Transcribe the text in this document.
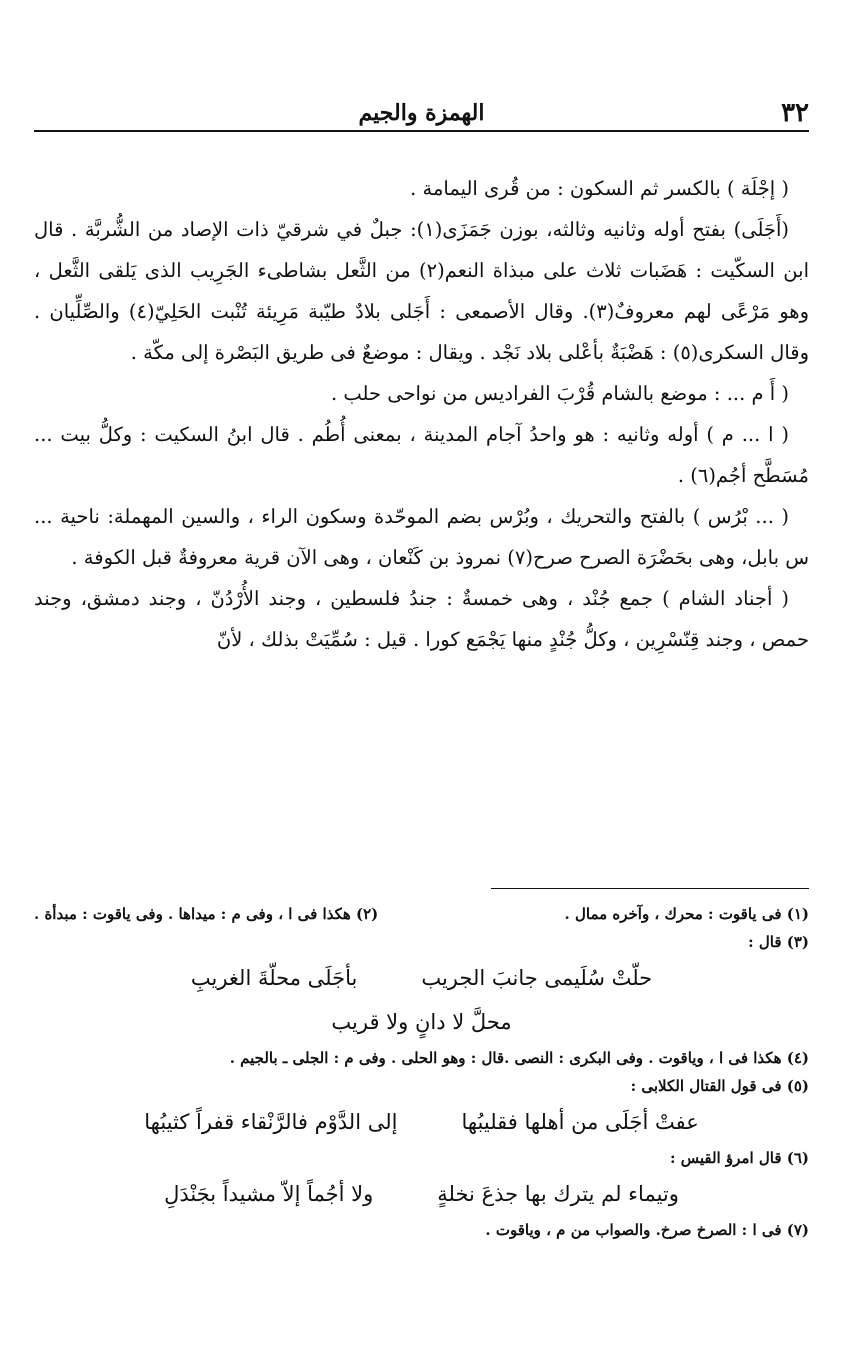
٣٢
الهمزة والجيم

( إجْلَة ) بالكسر ثم السكون : من قُرى اليمامة .

(أَجَلَى) بفتح أوله وثانيه وثالثه، بوزن جَمَزَى(١): جبلٌ في شرقيّ ذات الإصاد من الشُّربَّة . قال ابن السكّيت : هَضَبات ثلاث على مبذاة النعم(٢) من الثَّعل بشاطىء الجَرِيب الذى يَلقى الثَّعل ، وهو مَرْعًى لهم معروفٌ(٣). وقال الأصمعى : أَجَلى بلادٌ طيّبة مَرِيئة تُنْبت الحَلِيّ(٤) والصِّلِّيان . وقال السكرى(٥) : هَضْبَةٌ بأعْلى بلاد نَجْد . ويقال : موضعٌ فى طريق البَصْرة إلى مكّة .

( أَ م ... : موضع بالشام قُرْبَ الفراديس من نواحى حلب .

( ا ... م ) أوله وثانيه : هو واحدُ آجام المدينة ، بمعنى أُطُم . قال ابنُ السكيت : وكلُّ بيت ... مُسَطَّح أجُم(٦) .

( ... بْرُس ) بالفتح والتحريك ، وبُرْس بضم الموحّدة وسكون الراء ، والسين المهملة: ناحية ... س بابل، وهى بحَضْرَة الصرح صرح(٧) نمروذ بن كَنْعان ، وهى الآن قرية معروفةٌ قبل الكوفة .

( أجناد الشام ) جمع جُنْد ، وهى خمسةٌ : جندُ فلسطين ، وجند الأُرْدُنّ ، وجند دمشق، وجند حمص ، وجند قِنّسْرِين ، وكلُّ جُنْدٍ منها يَجْمَع كورا . قيل : سُمِّيَتْ بذلك ، لأنّ

(١) فى ياقوت : محرك ، وآخره ممال .

(٢) هكذا فى ا ، وفى م : ميداها . وفى ياقوت : مبدأة .

(٣) قال :

حلّتْ سُلَيمى جانبَ الجريب
بأجَلَى محلّةَ الغريبِ
محلَّ لا دانٍ ولا قريب

(٤) هكذا فى ا ، وياقوت . وفى البكرى : النصى .قال : وهو الحلى . وفى م : الجلى ـ بالجيم .

(٥) فى قول القتال الكلابى :

عفتْ أجَلَى من أهلها فقليبُها
إلى الدَّوْم فالرَّنْقاء قفراً كثيبُها

(٦) قال امرؤ القيس :

وتيماء لم يترك بها جذعَ نخلةٍ
ولا أجُماً إلاّ مشيداً بجَنْدَلِ

(٧) فى ا : الصرخ صرخ. والصواب من م ، وياقوت .
